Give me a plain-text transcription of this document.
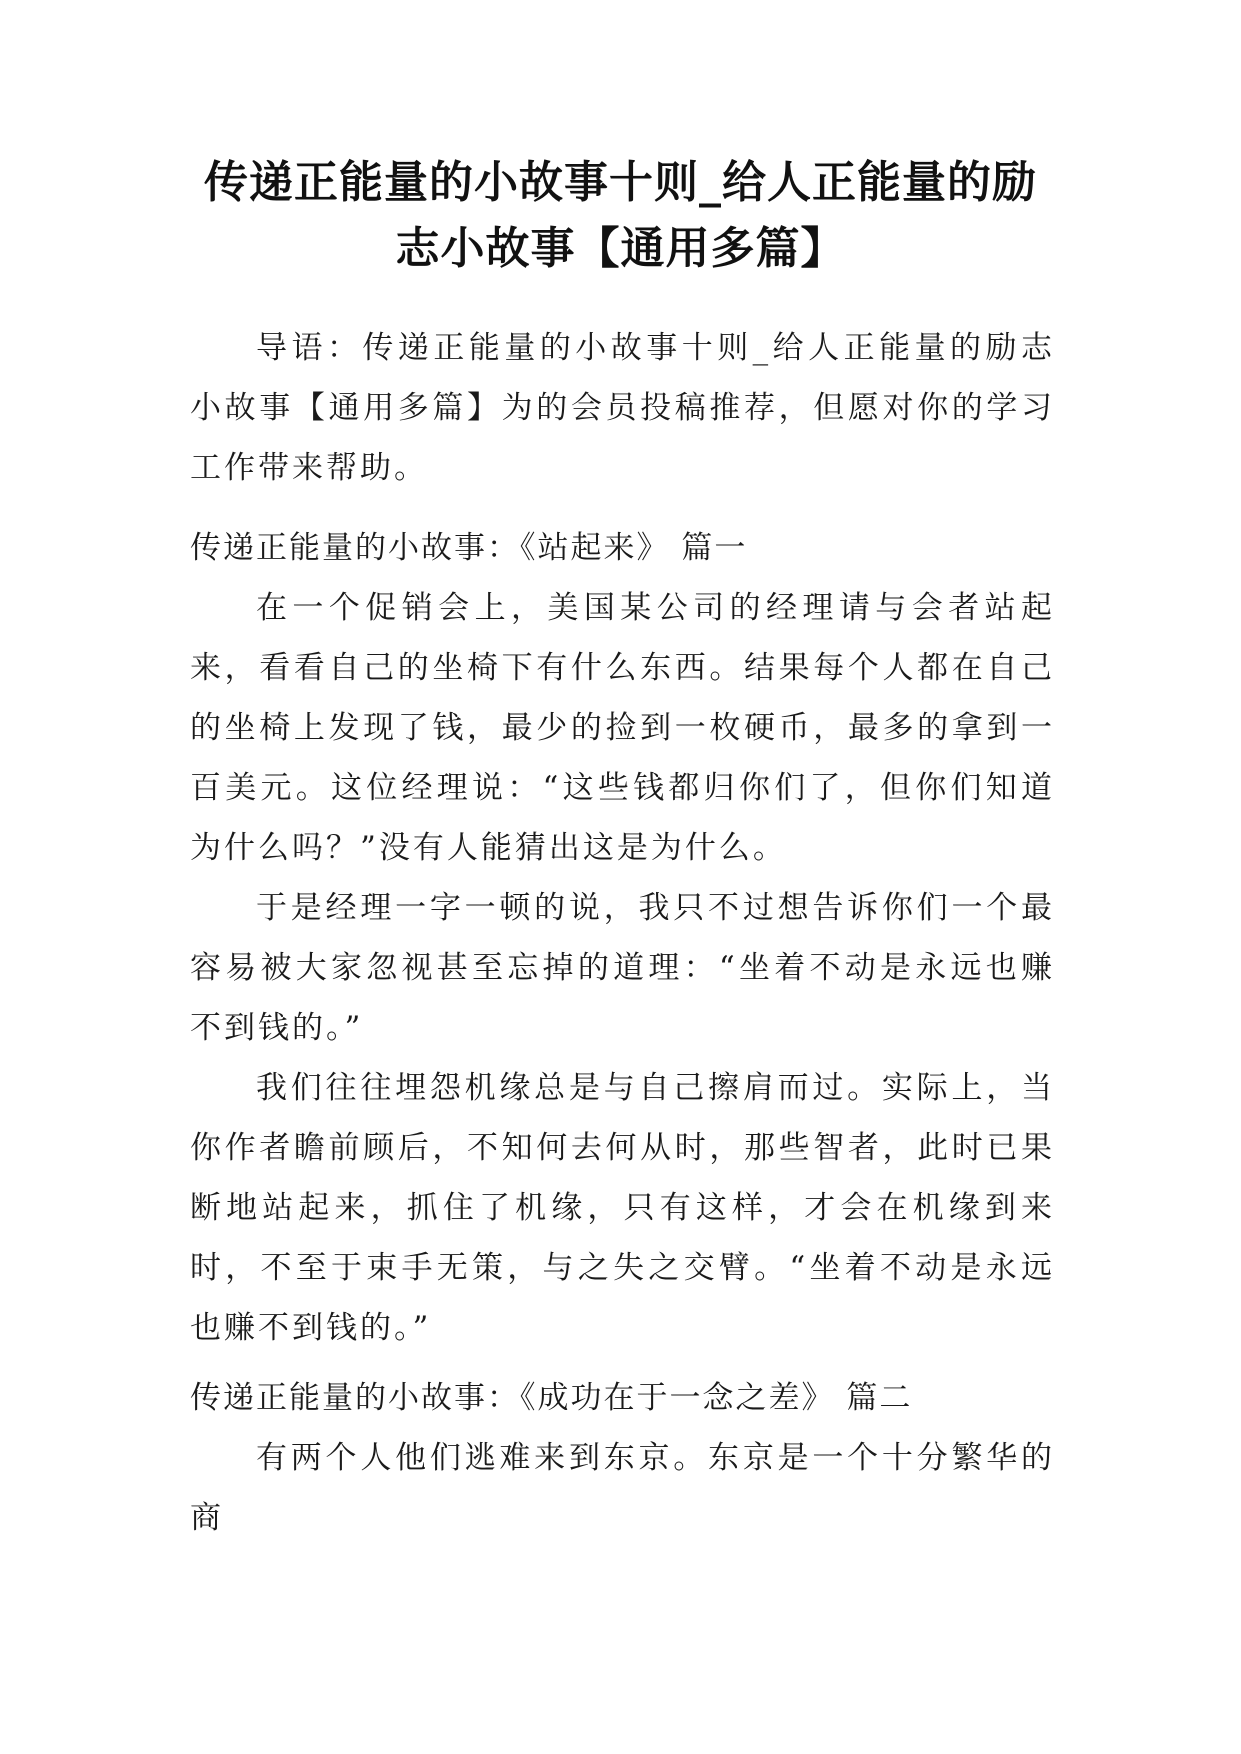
传递正能量的小故事十则_给人正能量的励
志小故事【通用多篇】

导语：传递正能量的小故事十则_给人正能量的励志小故事【通用多篇】为的会员投稿推荐，但愿对你的学习工作带来帮助。

传递正能量的小故事：《站起来》 篇一

在一个促销会上，美国某公司的经理请与会者站起来，看看自己的坐椅下有什么东西。结果每个人都在自己的坐椅上发现了钱，最少的捡到一枚硬币，最多的拿到一百美元。这位经理说：“这些钱都归你们了，但你们知道为什么吗？”没有人能猜出这是为什么。

于是经理一字一顿的说，我只不过想告诉你们一个最容易被大家忽视甚至忘掉的道理：“坐着不动是永远也赚不到钱的。”

我们往往埋怨机缘总是与自己擦肩而过。实际上，当你作者瞻前顾后，不知何去何从时，那些智者，此时已果断地站起来，抓住了机缘，只有这样，才会在机缘到来时，不至于束手无策，与之失之交臂。“坐着不动是永远也赚不到钱的。”

传递正能量的小故事：《成功在于一念之差》 篇二

有两个人他们逃难来到东京。东京是一个十分繁华的商
